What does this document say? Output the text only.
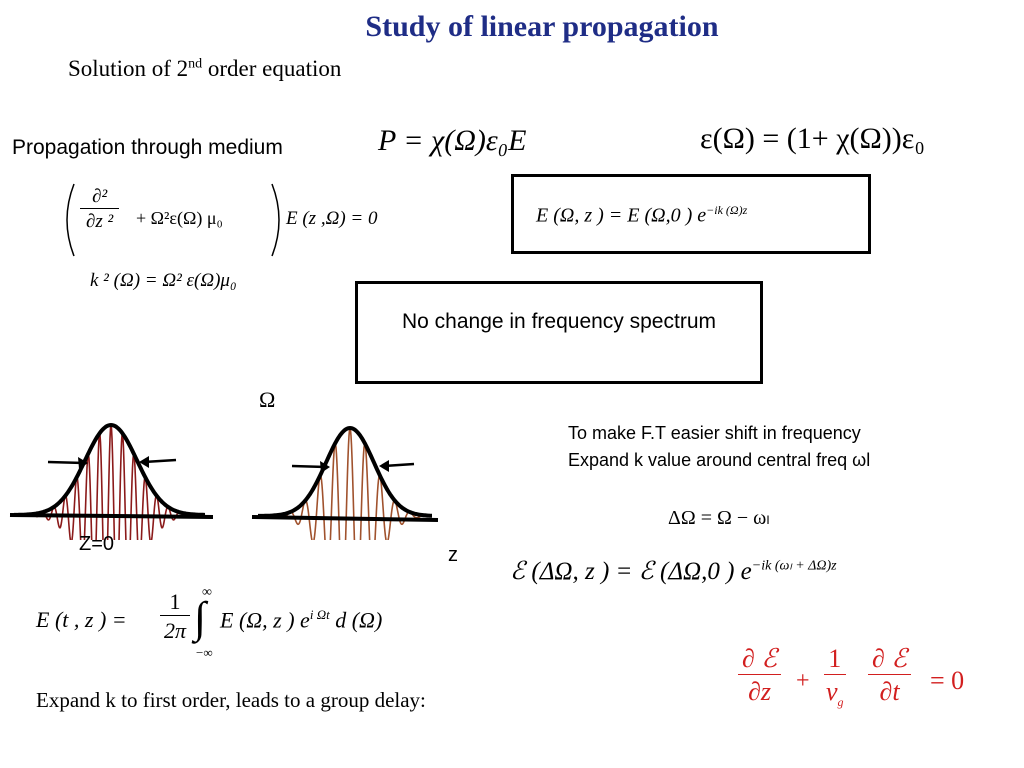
Study of linear propagation
Solution of 2nd order equation
Propagation through medium	P = χ(Ω)ε₀E	ε(Ω) = (1+ χ(Ω))ε₀
∂²
∂z ²	+ Ω²ε(Ω) μ₀	E (z ,Ω) = 0
k ² (Ω) = Ω² ε(Ω)μ₀
E (Ω, z ) = E (Ω,0 ) $e^{-ik (\Omega)z}$
No change in frequency spectrum
Ω
Z=0	z
To make F.T easier shift in frequency
Expand k value around central freq ωl
ΔΩ = Ω − ωₗ
ℰ (ΔΩ, z ) = ℰ (ΔΩ,0 ) $e^{-ik (\omega_l + \Delta\Omega)z}$
E (t , z ) = $\frac{1}{2\pi}$ ∞
∫
−∞
E (Ω, z ) $e^{i \Omega t}$ d (Ω)
∂ ℰ
∂z	+ $\frac{1}{v_g}$ ∂ ℰ
∂t	= 0
Expand k to first order, leads to a group delay:
